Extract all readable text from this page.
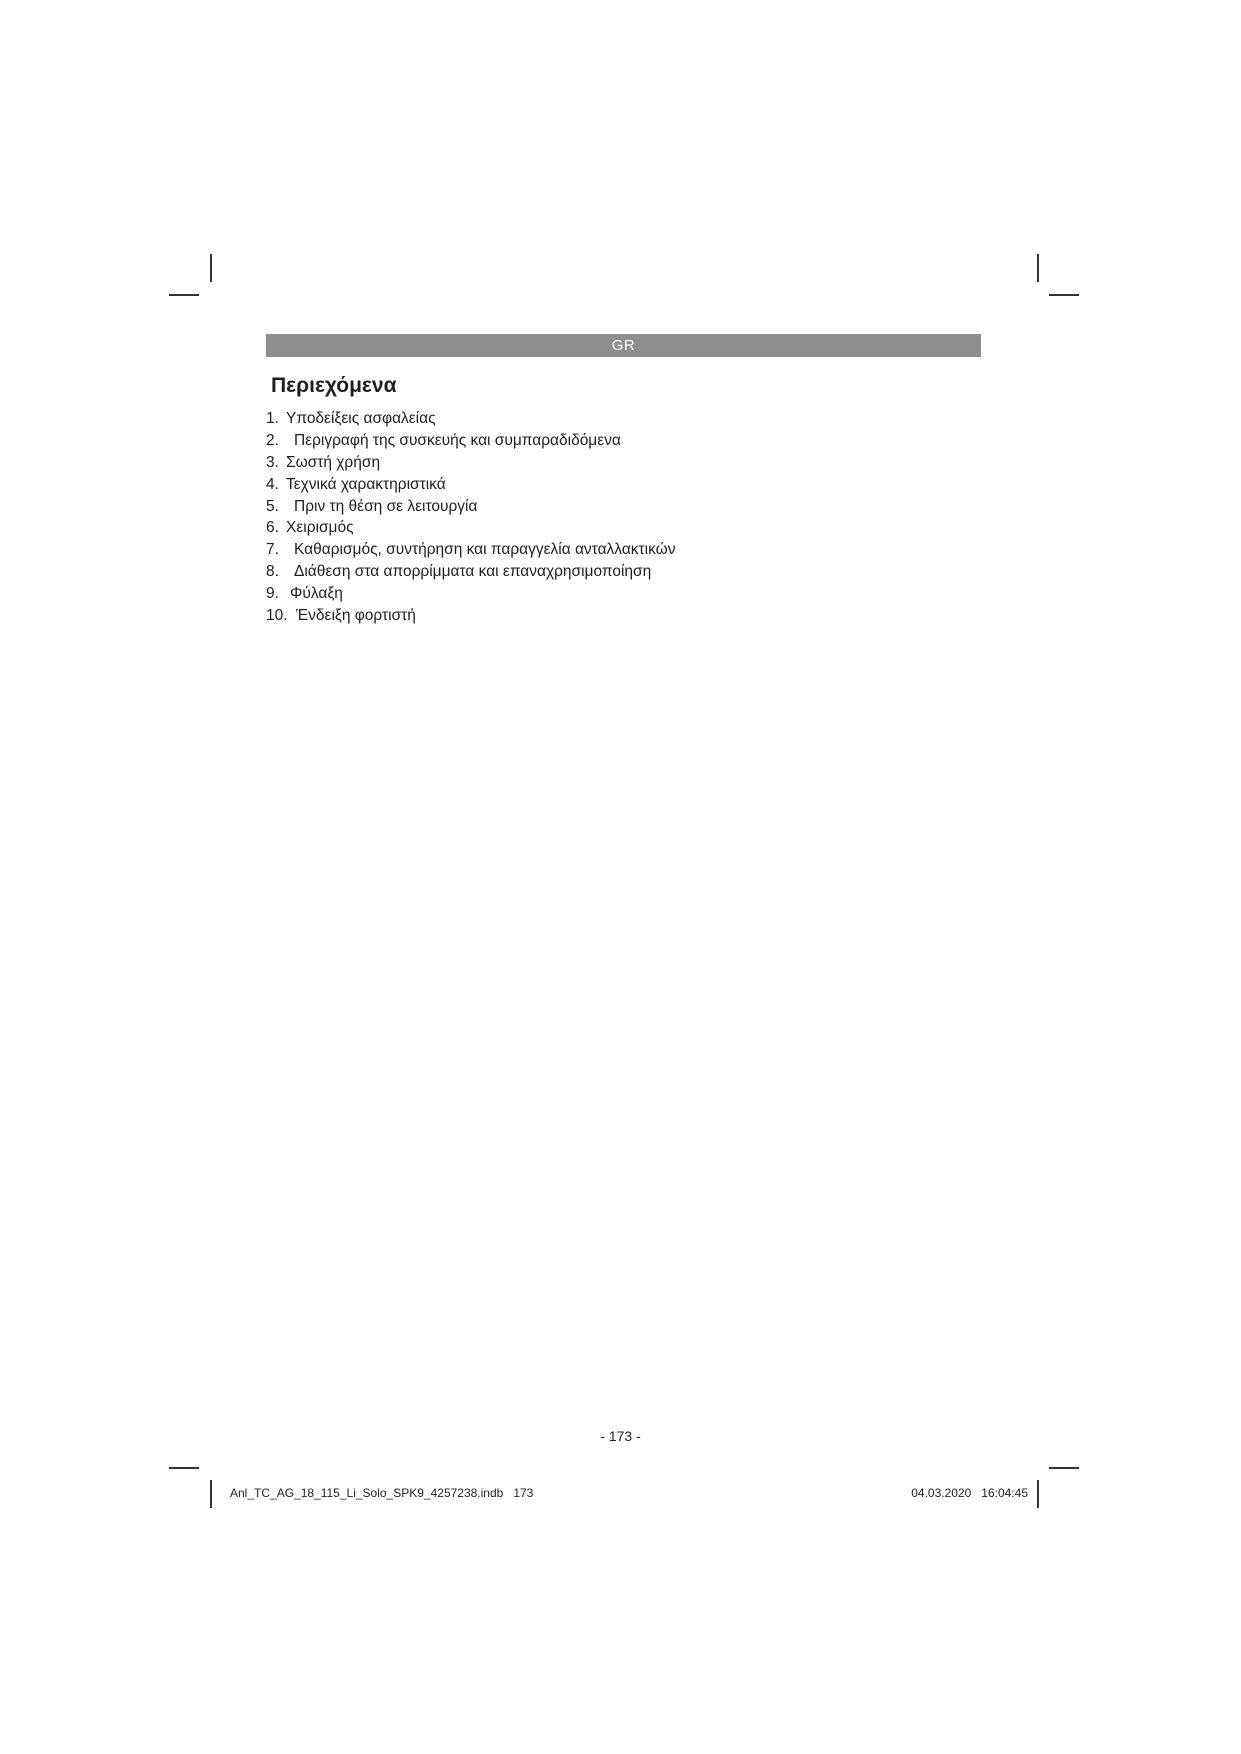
GR
Περιεχόμενα
1. Υποδείξεις ασφαλείας
2. Περιγραφή της συσκευής και συμπαραδιδόμενα
3. Σωστή χρήση
4. Τεχνικά χαρακτηριστικά
5. Πριν τη θέση σε λειτουργία
6. Χειρισμός
7. Καθαρισμός, συντήρηση και παραγγελία ανταλλακτικών
8. Διάθεση στα απορρίμματα και επαναχρησιμοποίηση
9. Φύλαξη
10. Ένδειξη φορτιστή
- 173 -
Anl_TC_AG_18_115_Li_Solo_SPK9_4257238.indb   173	04.03.2020   16:04:45
